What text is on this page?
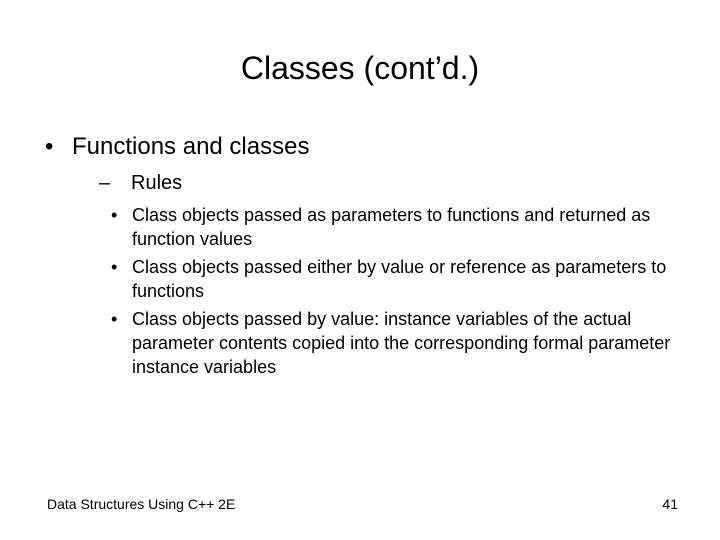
Classes (cont’d.)
• Functions and classes
–	Rules
• Class objects passed as parameters to functions and returned as function values
• Class objects passed either by value or reference as parameters to functions
• Class objects passed by value: instance variables of the actual parameter contents copied into the corresponding formal parameter instance variables
Data Structures Using C++ 2E	41
